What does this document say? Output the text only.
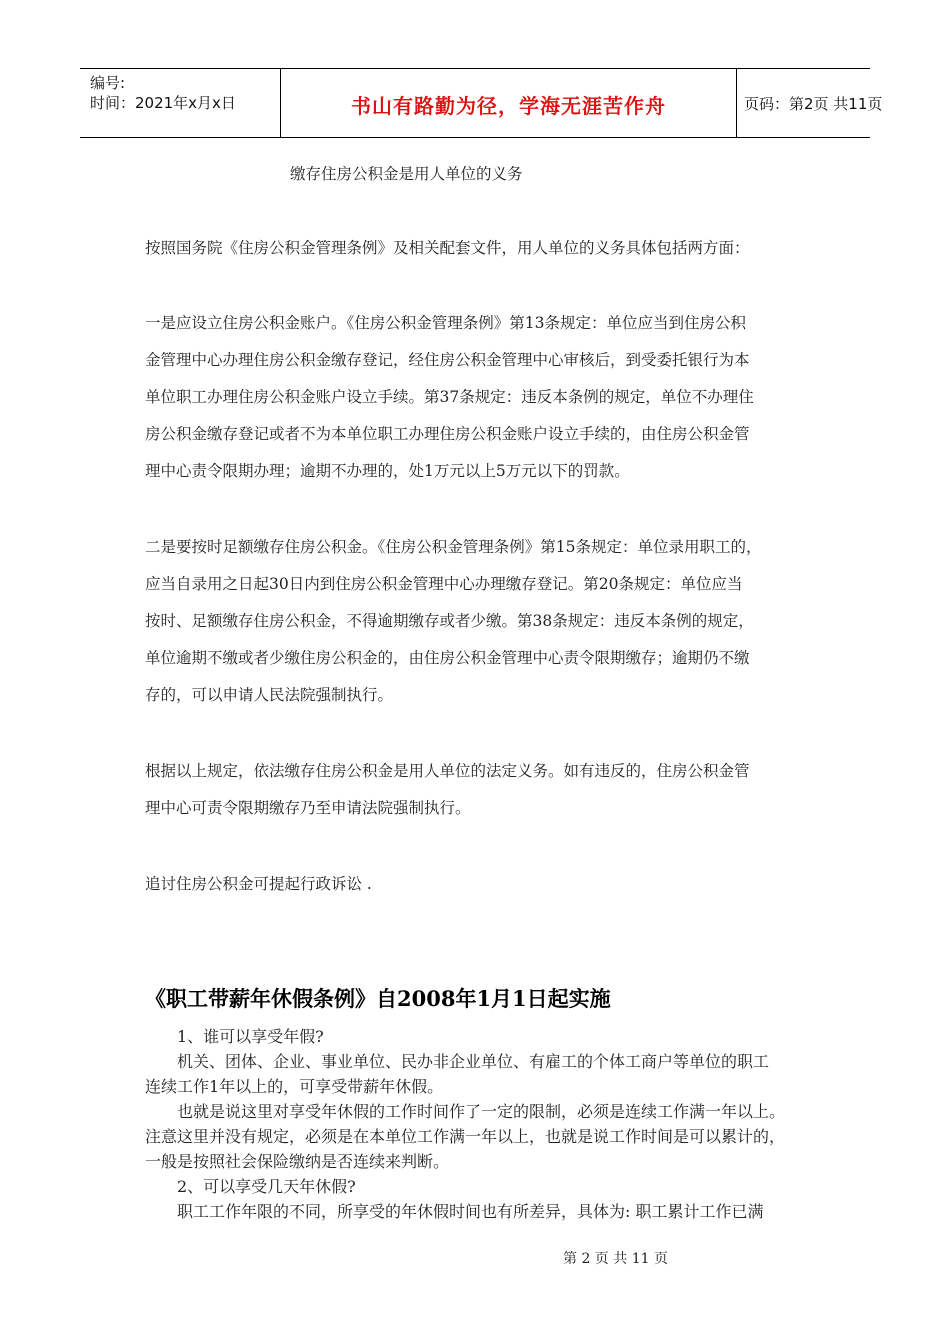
编号:
时间：2021年x月x日	书山有路勤为径，学海无涯苦作舟	页码：第2页 共11页
缴存住房公积金是用人单位的义务
按照国务院《住房公积金管理条例》及相关配套文件，用人单位的义务具体包括两方面：
一是应设立住房公积金账户。《住房公积金管理条例》第13条规定：单位应当到住房公积
金管理中心办理住房公积金缴存登记，经住房公积金管理中心审核后，到受委托银行为本
单位职工办理住房公积金账户设立手续。第37条规定：违反本条例的规定，单位不办理住
房公积金缴存登记或者不为本单位职工办理住房公积金账户设立手续的，由住房公积金管
理中心责令限期办理；逾期不办理的，处1万元以上5万元以下的罚款。
二是要按时足额缴存住房公积金。《住房公积金管理条例》第15条规定：单位录用职工的，
应当自录用之日起30日内到住房公积金管理中心办理缴存登记。第20条规定：单位应当
按时、足额缴存住房公积金，不得逾期缴存或者少缴。第38条规定：违反本条例的规定，
单位逾期不缴或者少缴住房公积金的，由住房公积金管理中心责令限期缴存；逾期仍不缴
存的，可以申请人民法院强制执行。
根据以上规定，依法缴存住房公积金是用人单位的法定义务。如有违反的，住房公积金管
理中心可责令限期缴存乃至申请法院强制执行。
追讨住房公积金可提起行政诉讼 .
《职工带薪年休假条例》自2008年1月1日起实施
1、谁可以享受年假?
机关、团体、企业、事业单位、民办非企业单位、有雇工的个体工商户等单位的职工
连续工作1年以上的，可享受带薪年休假。
也就是说这里对享受年休假的工作时间作了一定的限制，必须是连续工作满一年以上。
注意这里并没有规定，必须是在本单位工作满一年以上，也就是说工作时间是可以累计的，
一般是按照社会保险缴纳是否连续来判断。
2、可以享受几天年休假?
职工工作年限的不同，所享受的年休假时间也有所差异，具体为: 职工累计工作已满
第 2 页 共 11 页
